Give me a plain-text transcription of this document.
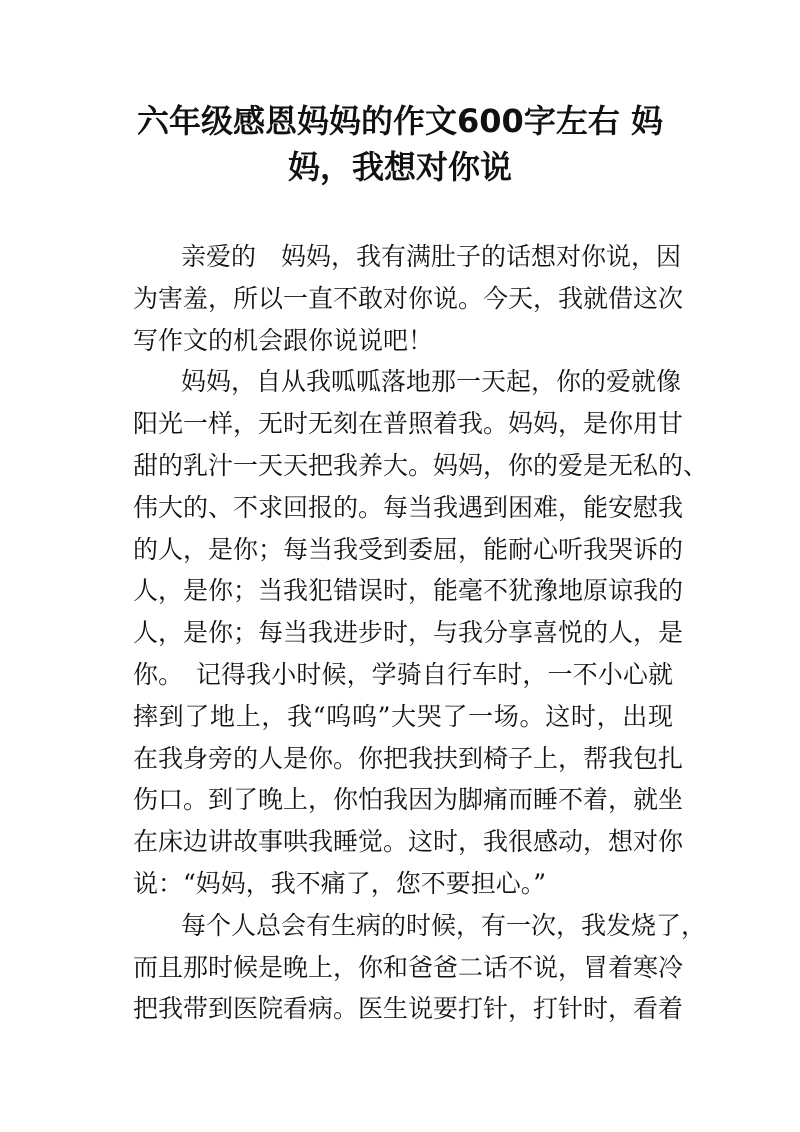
六年级感恩妈妈的作文600字左右 妈
妈，我想对你说
亲爱的　妈妈，我有满肚子的话想对你说，因
为害羞，所以一直不敢对你说。今天，我就借这次
写作文的机会跟你说说吧！
妈妈，自从我呱呱落地那一天起，你的爱就像
阳光一样，无时无刻在普照着我。妈妈，是你用甘
甜的乳汁一天天把我养大。妈妈，你的爱是无私的、
伟大的、不求回报的。每当我遇到困难，能安慰我
的人，是你；每当我受到委屈，能耐心听我哭诉的
人，是你；当我犯错误时，能毫不犹豫地原谅我的
人，是你；每当我进步时，与我分享喜悦的人，是
你。　记得我小时候，学骑自行车时，一不小心就
摔到了地上，我“呜呜”大哭了一场。这时，出现
在我身旁的人是你。你把我扶到椅子上，帮我包扎
伤口。到了晚上，你怕我因为脚痛而睡不着，就坐
在床边讲故事哄我睡觉。这时，我很感动，想对你
说：“妈妈，我不痛了，您不要担心。”
每个人总会有生病的时候，有一次，我发烧了，
而且那时候是晚上，你和爸爸二话不说，冒着寒冷
把我带到医院看病。医生说要打针，打针时，看着
